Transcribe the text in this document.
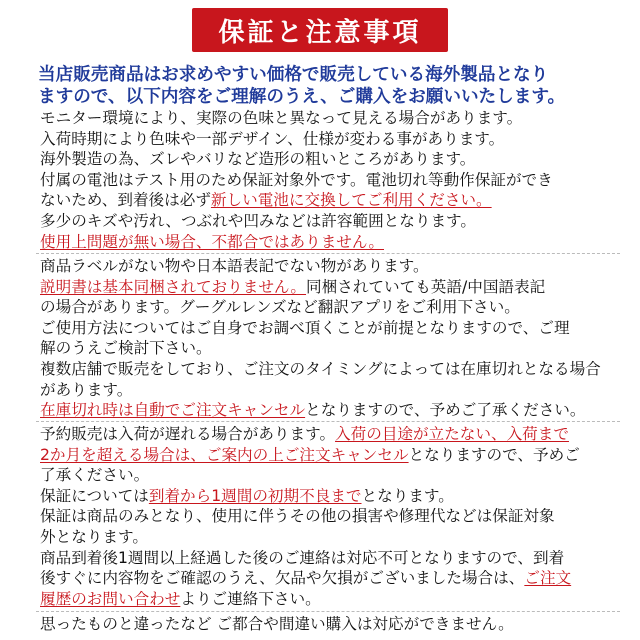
保証と注意事項
当店販売商品はお求めやすい価格で販売している海外製品となり
ますので、以下内容をご理解のうえ、ご購入をお願いいたします。
モニター環境により、実際の色味と異なって見える場合があります。
入荷時期により色味や一部デザイン、仕様が変わる事があります。
海外製造の為、ズレやバリなど造形の粗いところがあります。
付属の電池はテスト用のため保証対象外です。電池切れ等動作保証ができ
ないため、到着後は必ず新しい電池に交換してご利用ください。
多少のキズや汚れ、つぶれや凹みなどは許容範囲となります。
使用上問題が無い場合、不都合ではありません。
商品ラベルがない物や日本語表記でない物があります。
説明書は基本同梱されておりません。同梱されていても英語/中国語表記
の場合があります。グーグルレンズなど翻訳アプリをご利用下さい。
ご使用方法についてはご自身でお調べ頂くことが前提となりますので、ご理
解のうえご検討下さい。
複数店舗で販売をしており、ご注文のタイミングによっては在庫切れとなる場合
があります。
在庫切れ時は自動でご注文キャンセルとなりますので、予めご了承ください。
予約販売は入荷が遅れる場合があります。入荷の目途が立たない、入荷まで
2か月を超える場合は、ご案内の上ご注文キャンセルとなりますので、予めご
了承ください。
保証については到着から1週間の初期不良までとなります。
保証は商品のみとなり、使用に伴うその他の損害や修理代などは保証対象
外となります。
商品到着後1週間以上経過した後のご連絡は対応不可となりますので、到着
後すぐに内容物をご確認のうえ、欠品や欠損がございました場合は、ご注文
履歴のお問い合わせよりご連絡下さい。
思ったものと違ったなど ご都合や間違い購入は対応ができません。
